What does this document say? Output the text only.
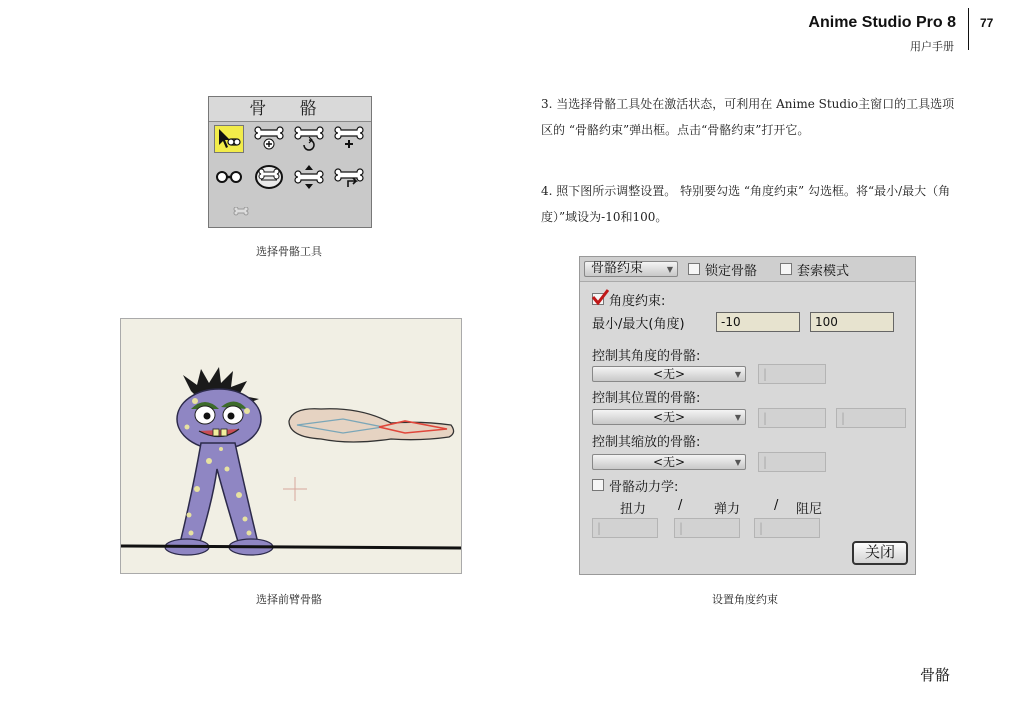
Anime Studio Pro 8
用户手册
77
3. 当选择骨骼工具处在激活状态，可利用在 Anime Studio主窗口的工具选项区的 “骨骼约束”弹出框。点击“骨骼约束”打开它。
4. 照下图所示调整设置。 特别要勾选 “角度约束” 勾选框。将“最小/最大（角度）”域设为-10和100。
骨 骼
选择骨骼工具
选择前臂骨骼
骨骼约束	▼ 锁定骨骼	套索模式
角度约束:
最小/最大(角度)	-10	100
控制其角度的骨骼:
<无>	▼	|
控制其位置的骨骼:
<无>	▼	|	|
控制其缩放的骨骼:
<无>	▼	|
骨骼动力学:
扭力 / 弹力	/ 阻尼
|	|	|
关闭
设置角度约束
骨骼
